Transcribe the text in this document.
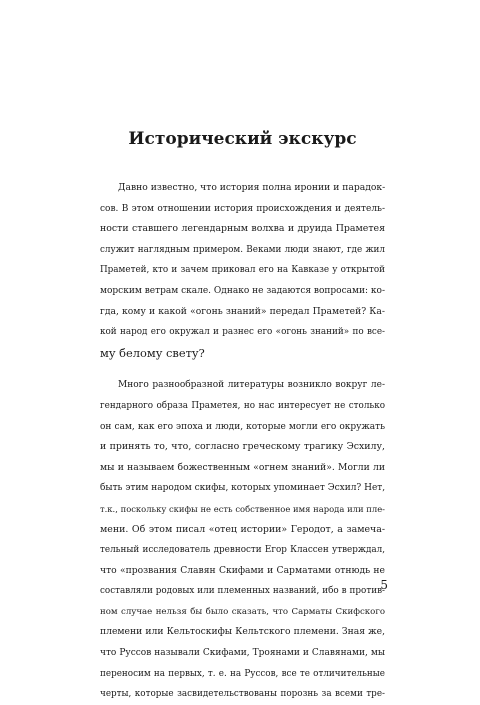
Исторический экскурс
Давно известно, что история полна иронии и парадок-
сов. В этом отношении история происхождения и деятель-
ности ставшего легендарным волхва и друида Праметея
служит наглядным примером. Веками люди знают, где жил
Праметей, кто и зачем приковал его на Кавказе у открытой
морским ветрам скале. Однако не задаются вопросами: ко-
гда, кому и какой «огонь знаний» передал Праметей? Ка-
кой народ его окружал и разнес его «огонь знаний» по все-
му белому свету?
Много разнообразной литературы возникло вокруг ле-
гендарного образа Праметея, но нас интересует не столько
он сам, как его эпоха и люди, которые могли его окружать
и принять то, что, согласно греческому трагику Эсхилу,
мы и называем божественным «огнем знаний». Могли ли
быть этим народом скифы, которых упоминает Эсхил? Нет,
т.к., поскольку скифы не есть собственное имя народа или пле-
мени. Об этом писал «отец истории» Геродот, а замеча-
тельный исследователь древности Егор Классен утверждал,
что «прозвания Славян Скифами и Сарматами отнюдь не
составляли родовых или племенных названий, ибо в против-
ном случае нельзя бы было сказать, что Сарматы Скифского
племени или Кельтоскифы Кельтского племени. Зная же,
что Руссов называли Скифами, Троянами и Славянами, мы
переносим на первых, т. е. на Руссов, все те отличительные
черты, которые засвидетельствованы порознь за всеми тре-
5
